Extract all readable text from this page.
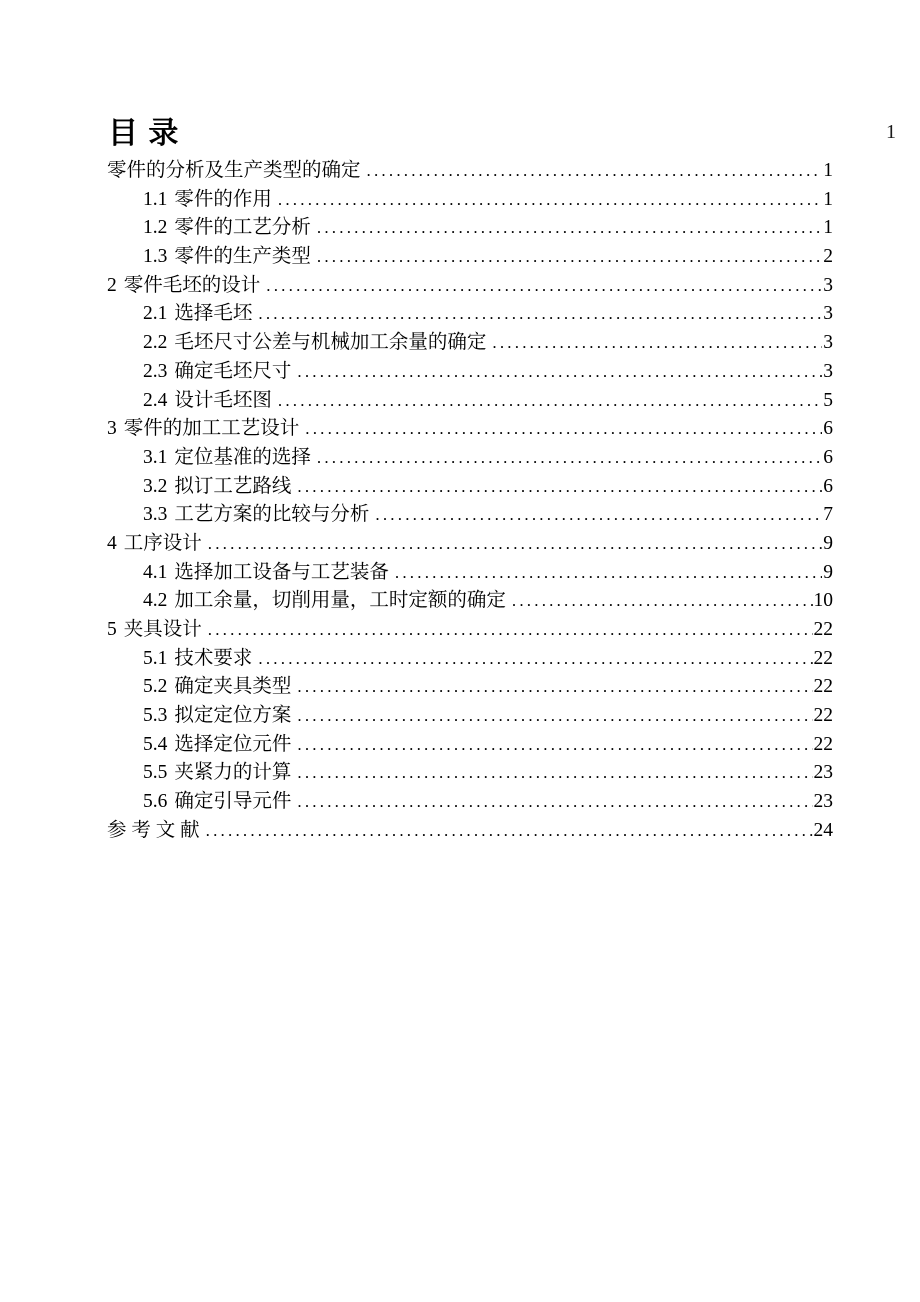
1
目 录
零件的分析及生产类型的确定 .....	1
1.1 零件的作用 .....	1
1.2 零件的工艺分析 .....	1
1.3 零件的生产类型 .....	2
2 零件毛坯的设计 .....	3
2.1 选择毛坯 .....	3
2.2 毛坯尺寸公差与机械加工余量的确定 .....	3
2.3 确定毛坯尺寸 .....	3
2.4 设计毛坯图 .....	5
3 零件的加工工艺设计 .....	6
3.1 定位基准的选择 .....	6
3.2 拟订工艺路线 .....	6
3.3 工艺方案的比较与分析 .....	7
4 工序设计 .....	9
4.1 选择加工设备与工艺装备 .....	9
4.2 加工余量，切削用量，工时定额的确定 .....	10
5 夹具设计 .....	22
5.1 技术要求 .....	22
5.2 确定夹具类型 .....	22
5.3 拟定定位方案 .....	22
5.4 选择定位元件 .....	22
5.5 夹紧力的计算 .....	23
5.6 确定引导元件 .....	23
参 考 文 献 .....	24
